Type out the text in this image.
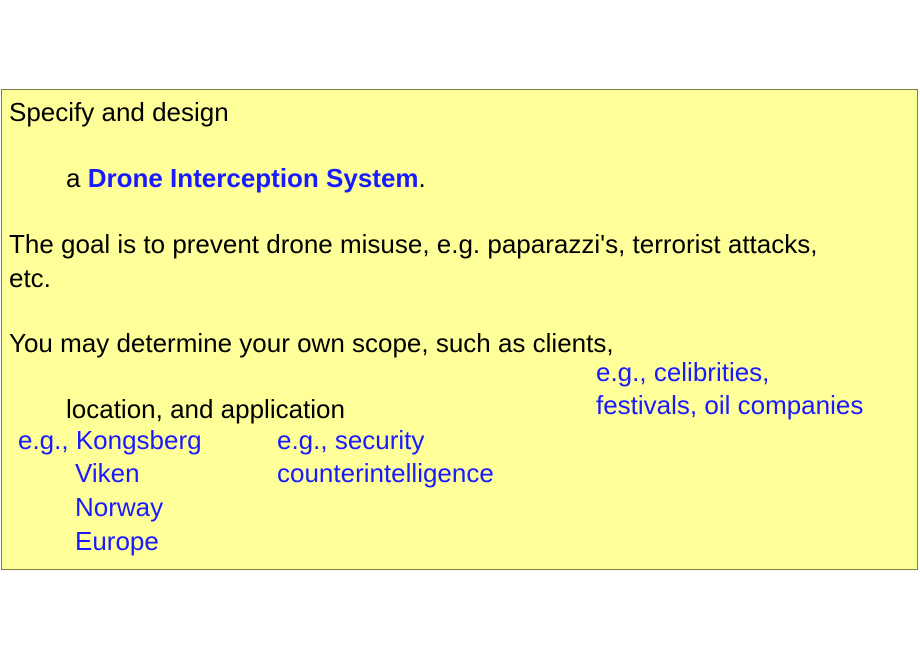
Specify and design
a Drone Interception System.
The goal is to prevent drone misuse, e.g. paparazzi's, terrorist attacks,
etc.
You may determine your own scope, such as clients,
e.g., celibrities,
festivals, oil companies
location, and application
e.g., Kongsberg
Viken
Norway
Europe
e.g., security
counterintelligence
